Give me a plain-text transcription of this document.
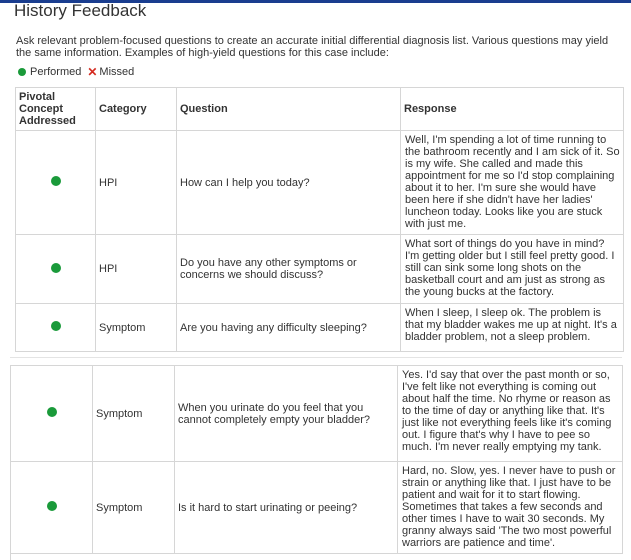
History Feedback
Ask relevant problem-focused questions to create an accurate initial differential diagnosis list. Various questions may yield the same information. Examples of high-yield questions for this case include:
Performed ✕ Missed
Pivotal Concept Addressed	Category	Question	Response
	HPI	How can I help you today?	Well, I'm spending a lot of time running to the bathroom recently and I am sick of it. So is my wife. She called and made this appointment for me so I'd stop complaining about it to her. I'm sure she would have been here if she didn't have her ladies' luncheon today. Looks like you are stuck with just me.
	HPI	Do you have any other symptoms or concerns we should discuss?	What sort of things do you have in mind? I'm getting older but I still feel pretty good. I still can sink some long shots on the basketball court and am just as strong as the young bucks at the factory.
	Symptom	Are you having any difficulty sleeping?	When I sleep, I sleep ok. The problem is that my bladder wakes me up at night. It's a bladder problem, not a sleep problem.
	Symptom	When you urinate do you feel that you cannot completely empty your bladder?	Yes. I'd say that over the past month or so, I've felt like not everything is coming out about half the time. No rhyme or reason as to the time of day or anything like that. It's just like not everything feels like it's coming out. I figure that's why I have to pee so much. I'm never really emptying my tank.
	Symptom	Is it hard to start urinating or peeing?	Hard, no. Slow, yes. I never have to push or strain or anything like that. I just have to be patient and wait for it to start flowing. Sometimes that takes a few seconds and other times I have to wait 30 seconds. My granny always said 'The two most powerful warriors are patience and time'.
